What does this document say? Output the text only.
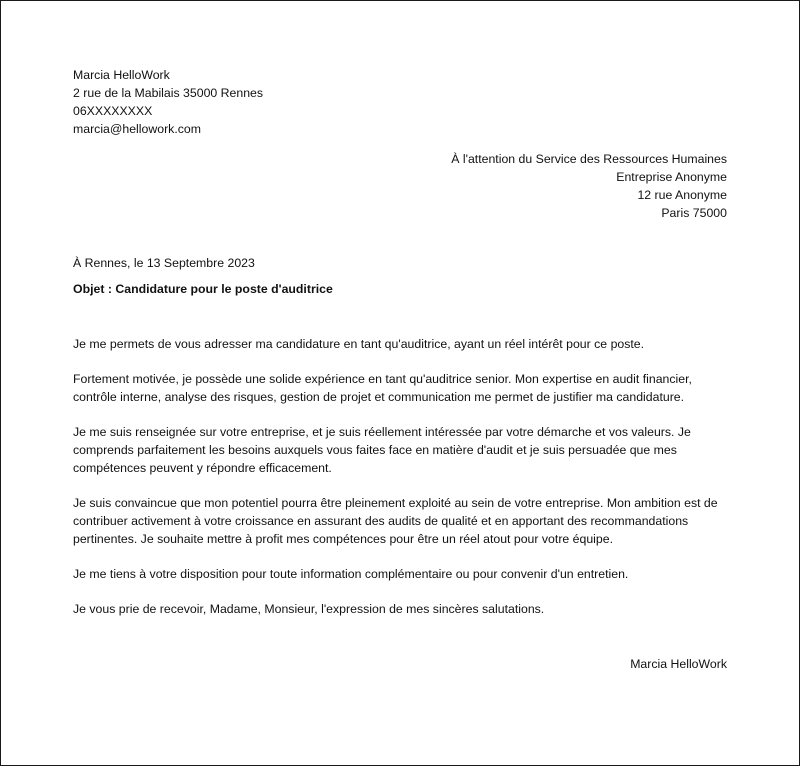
Marcia HelloWork
2 rue de la Mabilais 35000 Rennes
06XXXXXXXX
marcia@hellowork.com
À l'attention du Service des Ressources Humaines
Entreprise Anonyme
12 rue Anonyme
Paris 75000
À Rennes, le 13 Septembre 2023
Objet : Candidature pour le poste d'auditrice

Je me permets de vous adresser ma candidature en tant qu'auditrice, ayant un réel intérêt pour ce poste.

Fortement motivée, je possède une solide expérience en tant qu'auditrice senior. Mon expertise en audit financier, contrôle interne, analyse des risques, gestion de projet et communication me permet de justifier ma candidature.

Je me suis renseignée sur votre entreprise, et je suis réellement intéressée par votre démarche et vos valeurs. Je comprends parfaitement les besoins auxquels vous faites face en matière d'audit et je suis persuadée que mes compétences peuvent y répondre efficacement.

Je suis convaincue que mon potentiel pourra être pleinement exploité au sein de votre entreprise. Mon ambition est de contribuer activement à votre croissance en assurant des audits de qualité et en apportant des recommandations pertinentes. Je souhaite mettre à profit mes compétences pour être un réel atout pour votre équipe.

Je me tiens à votre disposition pour toute information complémentaire ou pour convenir d'un entretien.

Je vous prie de recevoir, Madame, Monsieur, l'expression de mes sincères salutations.

Marcia HelloWork
